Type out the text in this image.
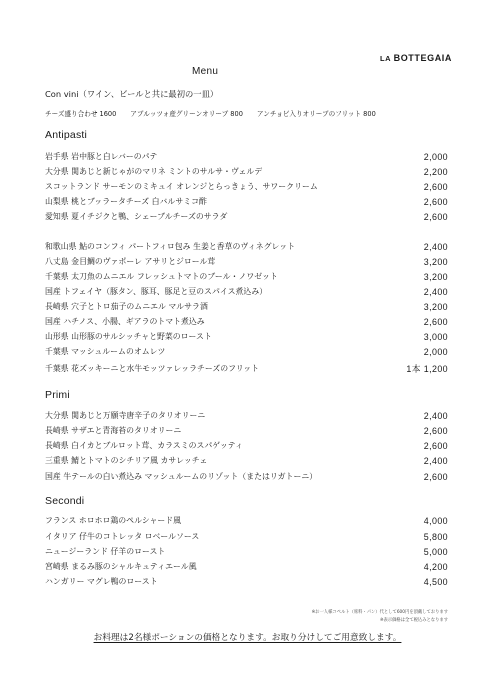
LA BOTTEGAIA
Menu
Con vini（ワイン、ビールと共に最初の一皿）
チーズ盛り合わせ 1600 アブルッツォ産グリーンオリーブ 800 アンチョビ入りオリーブのフリット 800
Antipasti
岩手県 岩中豚と白レバーのパテ	2,000
大分県 関あじと新じゃがのマリネ ミントのサルサ・ヴェルデ	2,200
スコットランド サーモンのミキュイ オレンジとらっきょう、サワークリーム	2,600
山梨県 桃とブッラータチーズ 白バルサミコ酢	2,600
愛知県 夏イチジクと鴨、シェーブルチーズのサラダ	2,600
和歌山県 鮎のコンフィ パートフィロ包み 生姜と香草のヴィネグレット	2,400
八丈島 金目鯛のヴァポーレ アサリとジロール茸	3,200
千葉県 太刀魚のムニエル フレッシュトマトのブール・ノワゼット	3,200
国産 トフェイヤ（豚タン、豚耳、豚足と豆のスパイス煮込み）	2,400
長崎県 穴子とトロ茄子のムニエル マルサラ酒	3,200
国産 ハチノス、小腸、ギアラのトマト煮込み	2,600
山形県 山形豚のサルシッチャと野菜のロースト	3,000
千葉県 マッシュルームのオムレツ	2,000
千葉県 花ズッキーニと水牛モッツァレッラチーズのフリット	1本 1,200
Primi
大分県 関あじと万願寺唐辛子のタリオリーニ	2,400
長崎県 サザエと青海苔のタリオリーニ	2,600
長崎県 白イカとブルロット茸、カラスミのスパゲッティ	2,600
三重県 鯖とトマトのシチリア風 カサレッチェ	2,400
国産 牛テールの白い煮込み マッシュルームのリゾット（またはリガトーニ）	2,600
Secondi
フランス ホロホロ鶏のペルシャード風	4,000
イタリア 仔牛のコトレッタ ロベールソース	5,800
ニュージーランド 仔羊のロースト	5,000
宮崎県 まるみ豚のシャルキュティエール風	4,200
ハンガリー マグレ鴨のロースト	4,500
※お一人様コペルト（席料・パン）代として600円を頂戴しております
※表示価格は全て税込みとなります
お料理は2名様ポーションの価格となります。お取り分けしてご用意致します。
